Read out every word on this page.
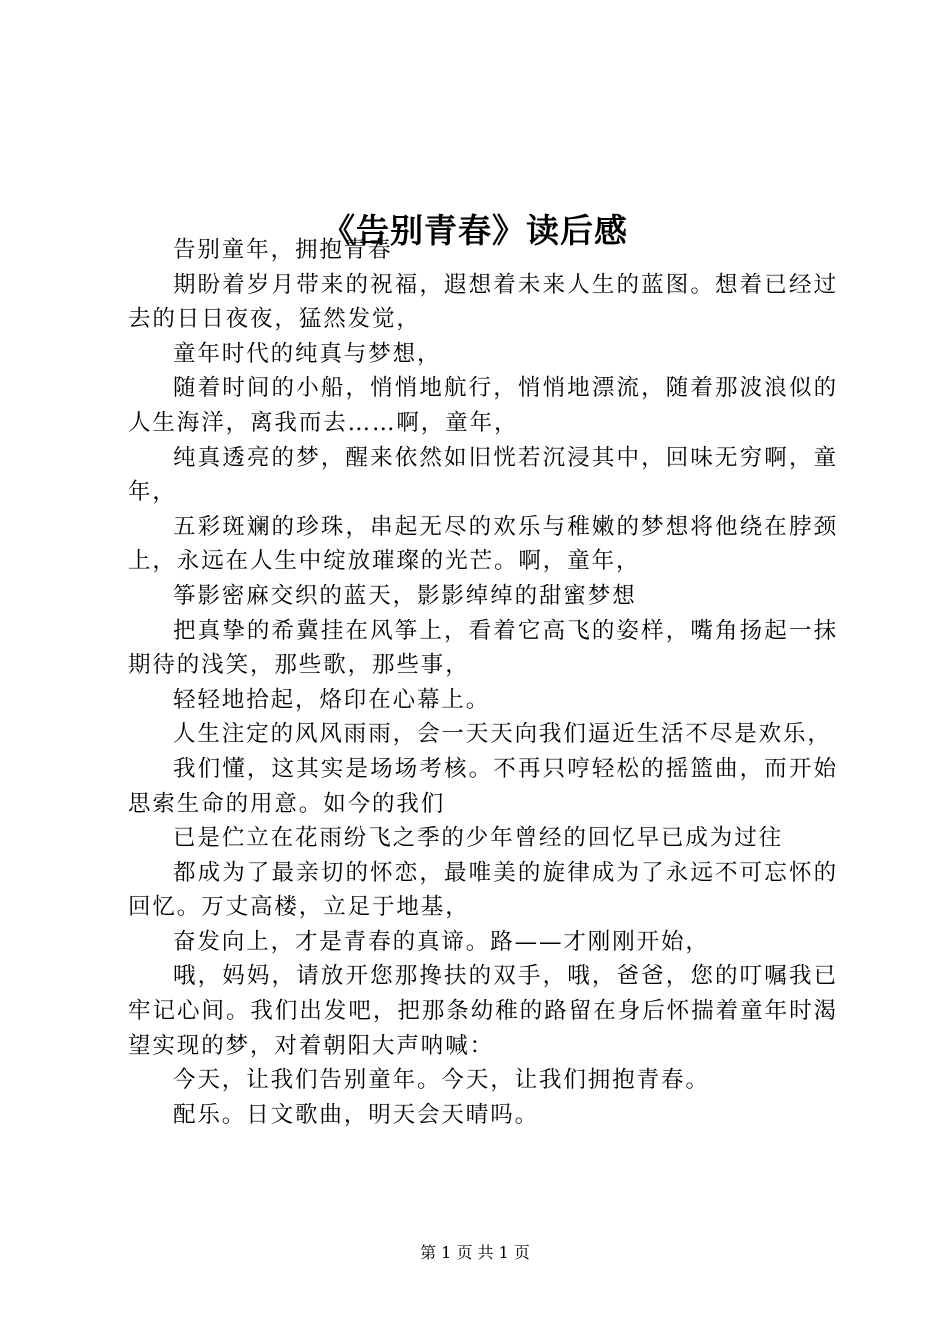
《告别青春》读后感

告别童年，拥抱青春

期盼着岁月带来的祝福，遐想着未来人生的蓝图。想着已经过去的日日夜夜，猛然发觉，

童年时代的纯真与梦想，

随着时间的小船，悄悄地航行，悄悄地漂流，随着那波浪似的人生海洋，离我而去……啊，童年，

纯真透亮的梦，醒来依然如旧恍若沉浸其中，回味无穷啊，童年，

五彩斑斓的珍珠，串起无尽的欢乐与稚嫩的梦想将他绕在脖颈上，永远在人生中绽放璀璨的光芒。啊，童年，

筝影密麻交织的蓝天，影影绰绰的甜蜜梦想

把真挚的希冀挂在风筝上，看着它高飞的姿样，嘴角扬起一抹期待的浅笑，那些歌，那些事，

轻轻地拾起，烙印在心幕上。

人生注定的风风雨雨，会一天天向我们逼近生活不尽是欢乐，

我们懂，这其实是场场考核。不再只哼轻松的摇篮曲，而开始思索生命的用意。如今的我们

已是伫立在花雨纷飞之季的少年曾经的回忆早已成为过往

都成为了最亲切的怀恋，最唯美的旋律成为了永远不可忘怀的回忆。万丈高楼，立足于地基，

奋发向上，才是青春的真谛。路——才刚刚开始，

哦，妈妈，请放开您那搀扶的双手，哦，爸爸，您的叮嘱我已牢记心间。我们出发吧，把那条幼稚的路留在身后怀揣着童年时渴望实现的梦，对着朝阳大声呐喊：

今天，让我们告别童年。今天，让我们拥抱青春。

配乐。日文歌曲，明天会天晴吗。

第 1 页 共 1 页
